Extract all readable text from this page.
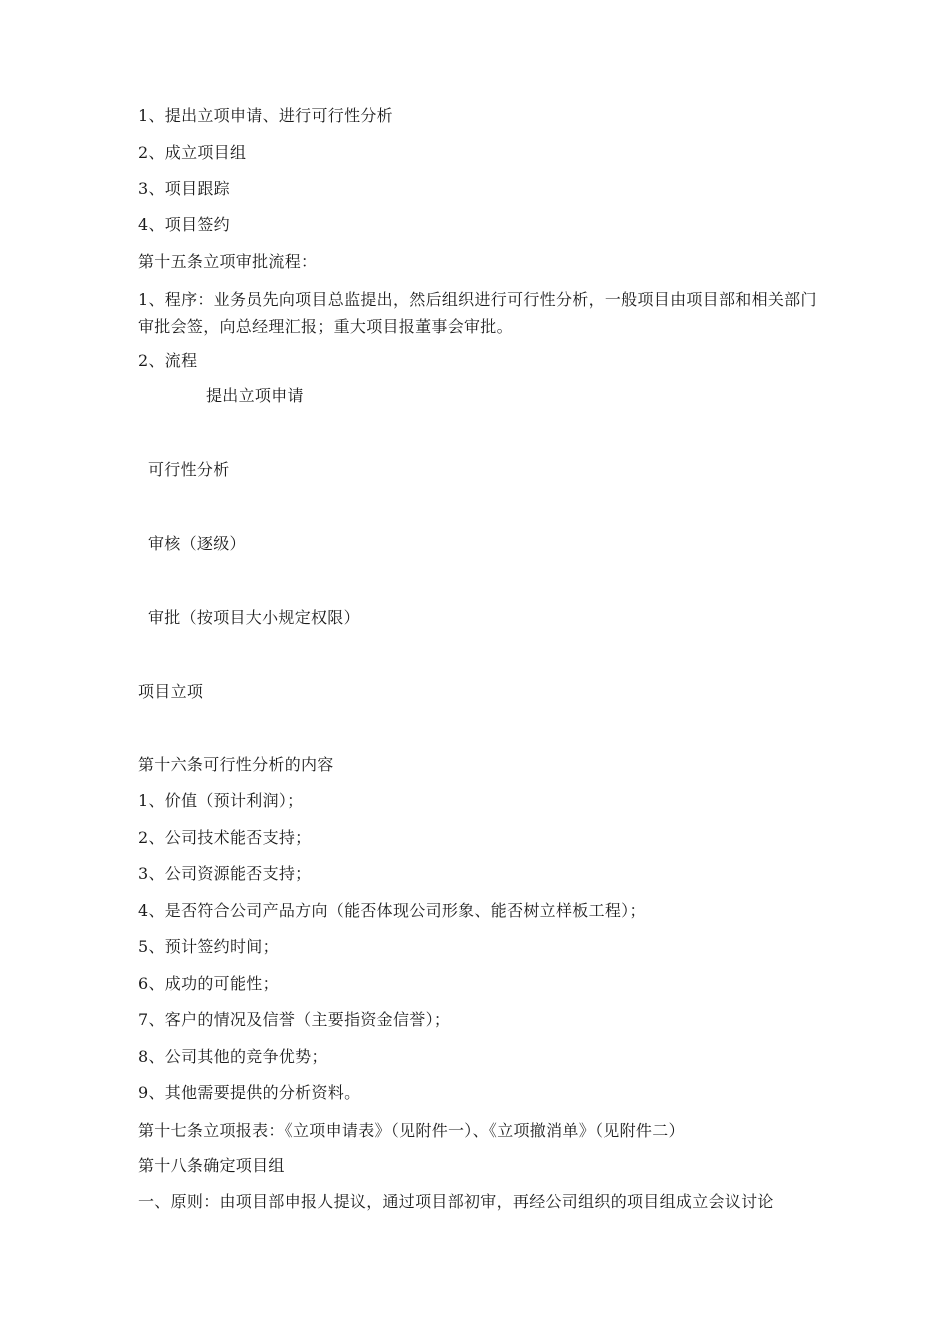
1、提出立项申请、进行可行性分析
2、成立项目组
3、项目跟踪
4、项目签约
第十五条立项审批流程：
1、程序：业务员先向项目总监提出，然后组织进行可行性分析，一般项目由项目部和相关部门审批会签，向总经理汇报；重大项目报董事会审批。
2、流程
提出立项申请
可行性分析
审核（逐级）
审批（按项目大小规定权限）
项目立项
第十六条可行性分析的内容
1、价值（预计利润）；
2、公司技术能否支持；
3、公司资源能否支持；
4、是否符合公司产品方向（能否体现公司形象、能否树立样板工程）；
5、预计签约时间；
6、成功的可能性；
7、客户的情况及信誉（主要指资金信誉）；
8、公司其他的竞争优势；
9、其他需要提供的分析资料。
第十七条立项报表：《立项申请表》（见附件一）、《立项撤消单》（见附件二）
第十八条确定项目组
一、原则：由项目部申报人提议，通过项目部初审，再经公司组织的项目组成立会议讨论
